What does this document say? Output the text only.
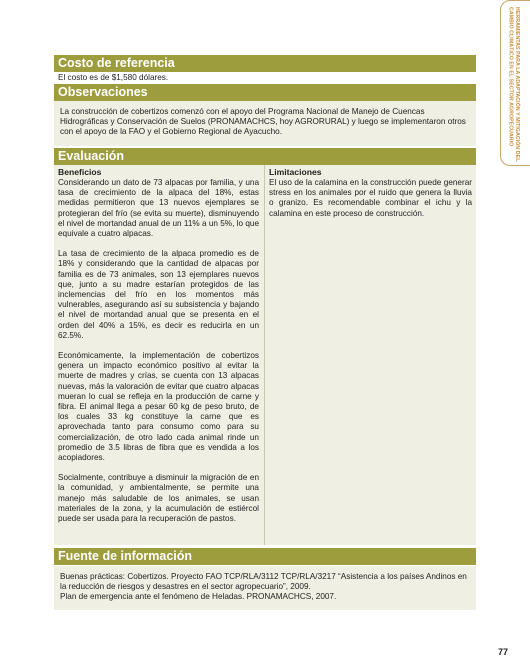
HERRAMIENTAS PARA LA ADAPTACIÓN Y MITIGACIÓN DEL
CAMBIO CLIMÁTICO EN EL SECTOR AGROPECUARIO
Costo de referencia
El costo es de $1,580 dólares.
Observaciones
La construcción de cobertizos comenzó con el apoyo del Programa Nacional de Manejo de Cuencas Hidrográficas y Conservación de Suelos (PRONAMACHCS, hoy AGRORURAL) y luego se implementaron otros con el apoyo de la FAO y el Gobierno Regional de Ayacucho.
Evaluación
Beneficios

Considerando un dato de 73 alpacas por familia, y una tasa de crecimiento de la alpaca del 18%, estas medidas permitieron que 13 nuevos ejemplares se protegieran del frío (se evita su muerte), disminuyendo el nivel de mortandad anual de un 11% a un 5%, lo que equivale a cuatro alpacas.

La tasa de crecimiento de la alpaca promedio es de 18% y considerando que la cantidad de alpacas por familia es de 73 animales, son 13 ejemplares nuevos que, junto a su madre estarían protegidos de las inclemencias del frío en los momentos más vulnerables, asegurando así su subsistencia y bajando el nivel de mortandad anual que se presenta en el orden del 40% a 15%, es decir es reducirla en un 62.5%.

Económicamente, la implementación de cobertizos genera un impacto económico positivo al evitar la muerte de madres y crías, se cuenta con 13 alpacas nuevas, más la valoración de evitar que cuatro alpacas mueran lo cual se refleja en la producción de carne y fibra. El animal llega a pesar 60 kg de peso bruto, de los cuales 33 kg constituye la carne que es aprovechada tanto para consumo como para su comercialización, de otro lado cada animal rinde un promedio de 3.5 libras de fibra que es vendida a los acopiadores.

Socialmente, contribuye a disminuir la migración de en la comunidad, y ambientalmente, se permite una manejo más saludable de los animales, se usan materiales de la zona, y la acumulación de estiércol puede ser usada para la recuperación de pastos.

Limitaciones

El uso de la calamina en la construcción puede generar stress en los animales por el ruido que genera la lluvia o granizo. Es recomendable combinar el ichu y la calamina en este proceso de construcción.

Fuente de información
Buenas prácticas: Cobertizos. Proyecto FAO TCP/RLA/3112 TCP/RLA/3217 “Asistencia a los países Andinos en la reducción de riesgos y desastres en el sector agropecuario”, 2009.
Plan de emergencia ante el fenómeno de Heladas. PRONAMACHCS, 2007.
77
